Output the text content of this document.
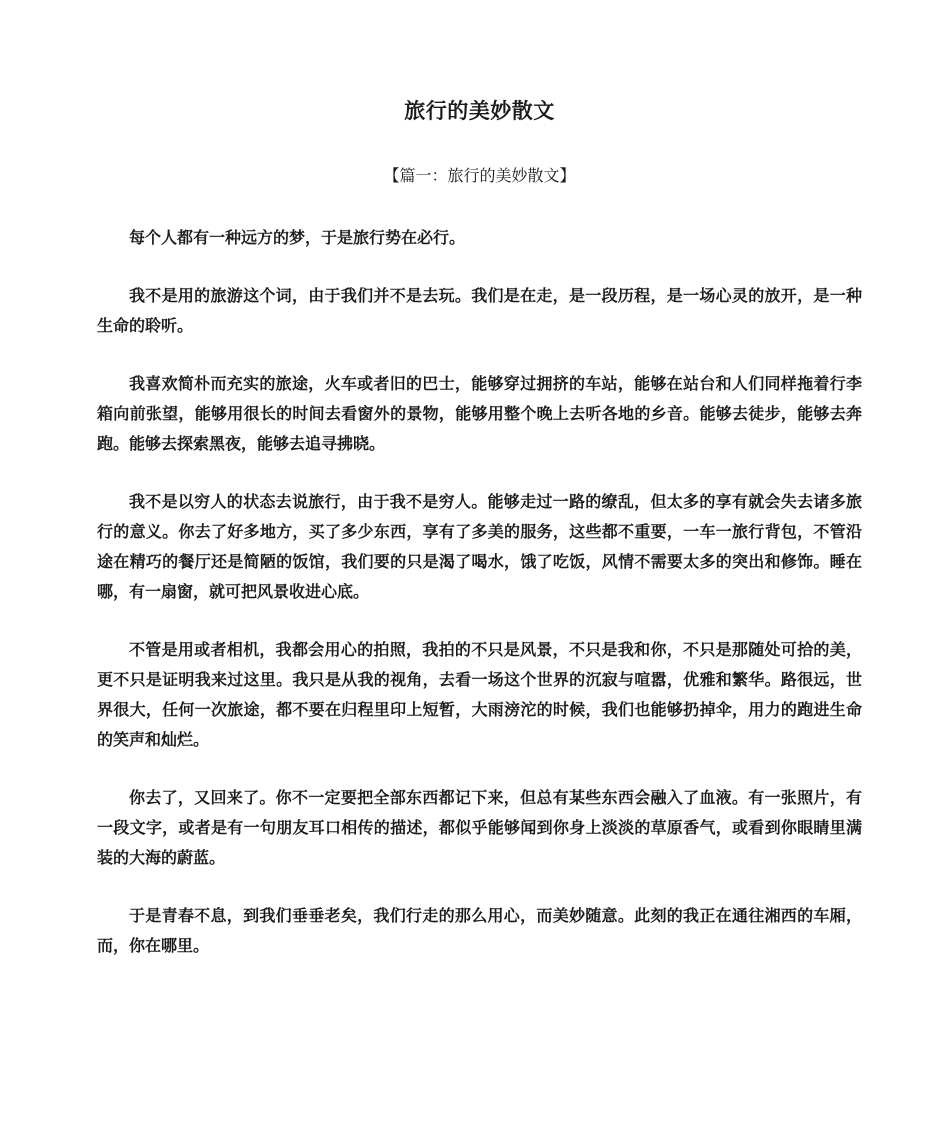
旅行的美妙散文
【篇一：旅行的美妙散文】

每个人都有一种远方的梦，于是旅行势在必行。

我不是用的旅游这个词，由于我们并不是去玩。我们是在走，是一段历程，是一场心灵的放开，是一种生命的聆听。

我喜欢简朴而充实的旅途，火车或者旧的巴士，能够穿过拥挤的车站，能够在站台和人们同样拖着行李箱向前张望，能够用很长的时间去看窗外的景物，能够用整个晚上去听各地的乡音。能够去徒步，能够去奔跑。能够去探索黑夜，能够去追寻拂晓。

我不是以穷人的状态去说旅行，由于我不是穷人。能够走过一路的缭乱，但太多的享有就会失去诸多旅行的意义。你去了好多地方，买了多少东西，享有了多美的服务，这些都不重要，一车一旅行背包，不管沿途在精巧的餐厅还是简陋的饭馆，我们要的只是渴了喝水，饿了吃饭，风情不需要太多的突出和修饰。睡在哪，有一扇窗，就可把风景收进心底。

不管是用或者相机，我都会用心的拍照，我拍的不只是风景，不只是我和你，不只是那随处可拾的美，更不只是证明我来过这里。我只是从我的视角，去看一场这个世界的沉寂与喧嚣，优雅和繁华。路很远，世界很大，任何一次旅途，都不要在归程里印上短暂，大雨滂沱的时候，我们也能够扔掉伞，用力的跑进生命的笑声和灿烂。

你去了，又回来了。你不一定要把全部东西都记下来，但总有某些东西会融入了血液。有一张照片，有一段文字，或者是有一句朋友耳口相传的描述，都似乎能够闻到你身上淡淡的草原香气，或看到你眼睛里满装的大海的蔚蓝。

于是青春不息，到我们垂垂老矣，我们行走的那么用心，而美妙随意。此刻的我正在通往湘西的车厢，而，你在哪里。
